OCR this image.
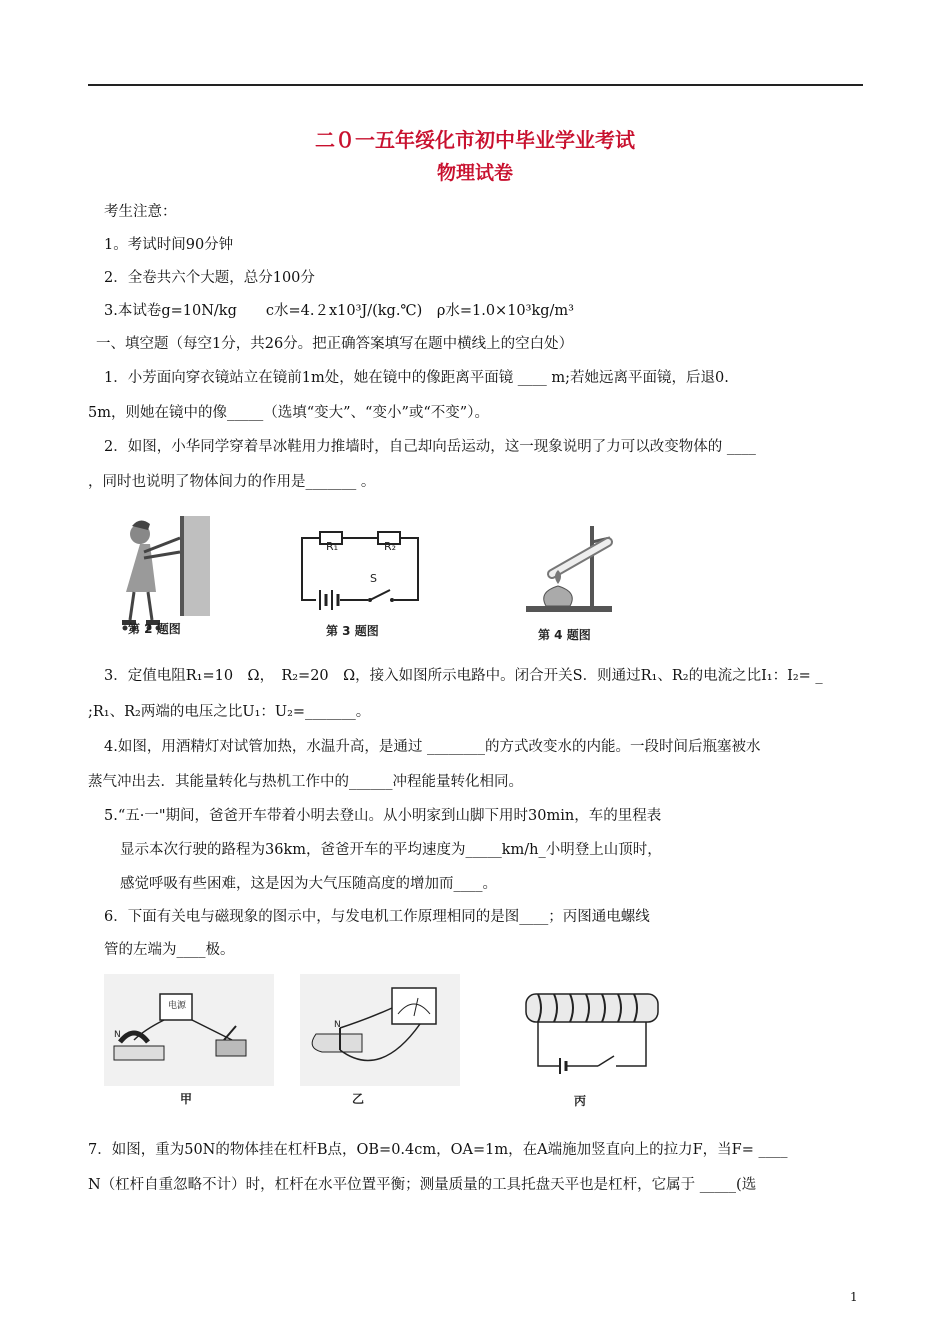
二０一五年绥化市初中毕业学业考试
物理试卷
考生注意：
1。考试时间90分钟
2．全卷共六个大题，总分100分
3.本试卷g=10N/kg　　c水=4.２x10³J/(kg.℃)　ρ水=1.0×10³kg/m³
一、填空题（每空1分，共26分。把正确答案填写在题中横线上的空白处）
1．小芳面向穿衣镜站立在镜前1m处，她在镜中的像距离平面镜 ____ m;若她远离平面镜，后退0.
5m，则她在镜中的像_____（选填“变大”、“变小”或“不变”）。
2．如图，小华同学穿着旱冰鞋用力推墙时，自己却向岳运动，这一现象说明了力可以改变物体的 ____
，同时也说明了物体间力的作用是_______ 。
第 2 题图
R₁	R₂
S
第 3 题图	第 4 题图
3．定值电阻R₁=10　Ω，　R₂=20　Ω，接入如图所示电路中。闭合开关S．则通过R₁、R₂的电流之比I₁：I₂= _
;R₁、R₂两端的电压之比U₁：U₂=_______。
4.如图，用酒精灯对试管加热，水温升高，是通过 ________的方式改变水的内能。一段时间后瓶塞被水
蒸气冲出去．其能量转化与热机工作中的______冲程能量转化相同。
5.“五·一"期间，爸爸开车带着小明去登山。从小明家到山脚下用时30min，车的里程表
显示本次行驶的路程为36km，爸爸开车的平均速度为_____km/h_小明登上山顶时，
感觉呼吸有些困难，这是因为大气压随高度的增加而____。
6．下面有关电与磁现象的图示中，与发电机工作原理相同的是图____；丙图通电螺线
管的左端为____极。
电源
N
甲
N
乙	丙
7．如图，重为50N的物体挂在杠杆B点，OB=0.4cm，OA=1m，在A端施加竖直向上的拉力F，当F= ____
N（杠杆自重忽略不计）时，杠杆在水平位置平衡；测量质量的工具托盘天平也是杠杆，它属于 _____(选
1
